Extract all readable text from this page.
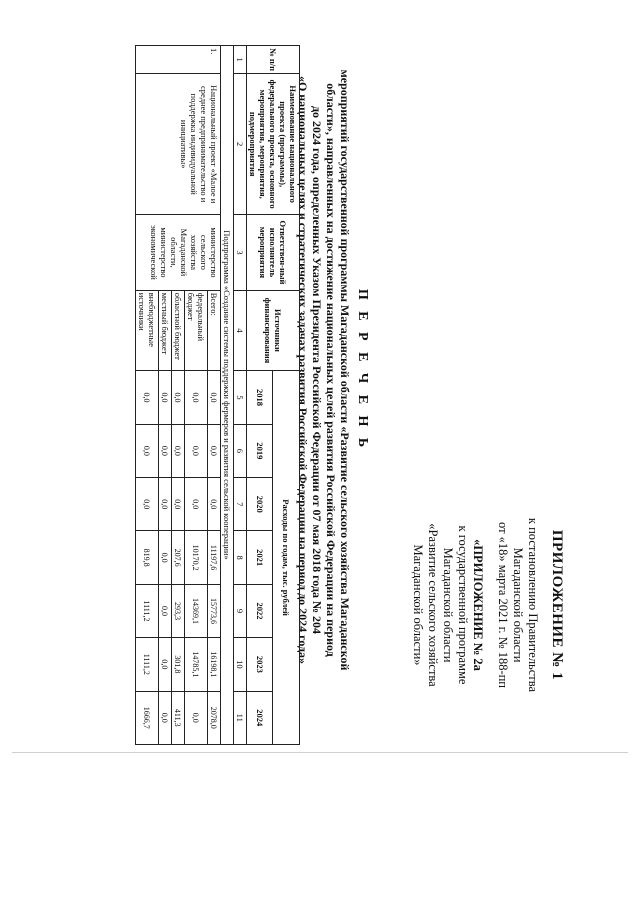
ПРИЛОЖЕНИЕ № 1
к постановлению Правительства
Магаданской области
от «18» марта 2021 г. № 188-пп
«ПРИЛОЖЕНИЕ № 2а
к государственной программе
Магаданской области
«Развитие сельского хозяйства
Магаданской области»
П Е Р Е Ч Е Н Ь
мероприятий государственной программы Магаданской области «Развитие сельского хозяйства Магаданской
области», направленных на достижение национальных целей развития Российской Федерации на период
до 2024 года, определенных Указом Президента Российской Федерации от 07 мая 2018 года № 204
«О национальных целях и стратегических задачах развития Российской Федерации на период до 2024 года»
№ п/п	Наименование национального проекта (программы), федерального проекта, основного мероприятия, мероприятия, подмероприятия	Ответствен-ный исполнитель мероприятия	Источники финансирования	Расходы по годам, тыс. рублей						
				2018	2019	2020	2021	2022	2023	2024
1	2	3	4	5	6	7	8	9	10	11
Подпрограмма «Создание системы поддержки фермеров и развития сельской кооперации»										
1.	Национальный проект «Малое и среднее предпринимательство и поддержка индивидуальной инициативы»	министерство сельского хозяйства Магаданской области, министерство экономической	Всего:	0,0	0,0	0,0	11197,6	15773,6	16198,1	2078,0
			федеральный бюджет	0,0	0,0	0,0	10170,2	14369,1	14785,1	0,0
			областной бюджет	0,0	0,0	0,0	207,6	293,3	301,8	411,3
			местный бюджет	0,0	0,0	0,0	0,0	0,0	0,0	0,0
			внебюджетные источники	0,0	0,0	0,0	819,8	1111,2	1111,2	1666,7
